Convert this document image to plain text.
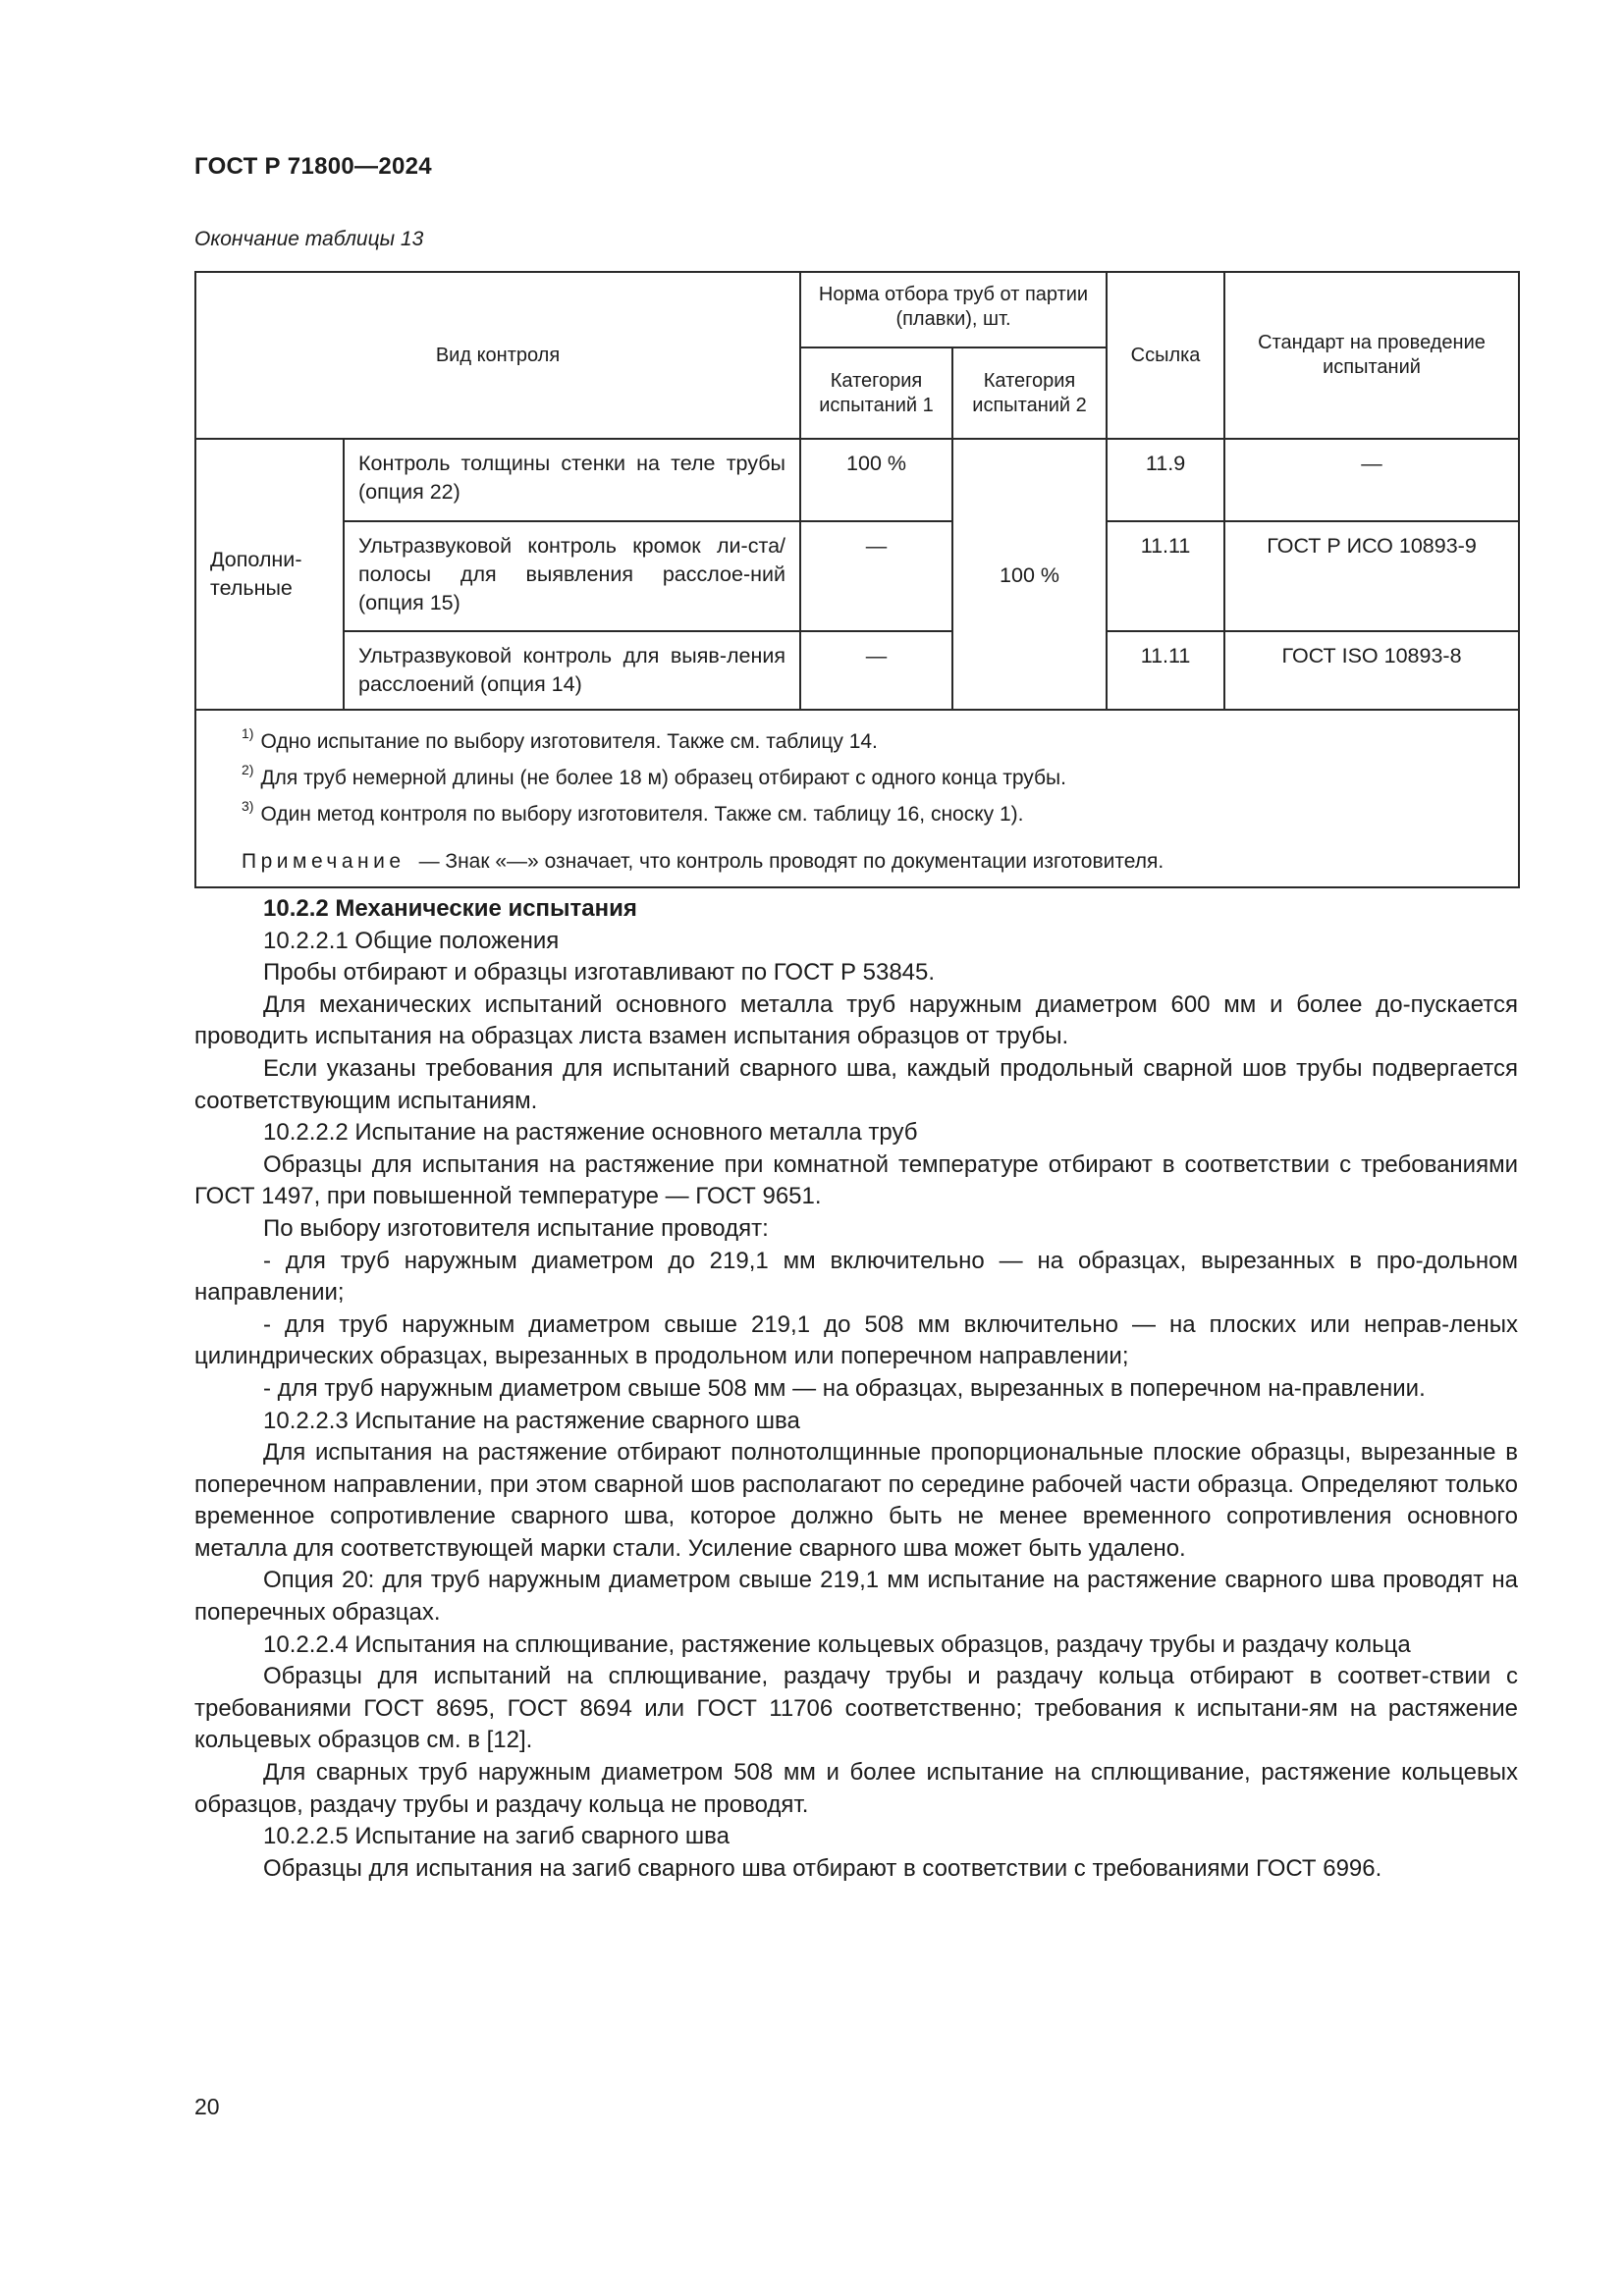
ГОСТ Р 71800—2024
Окончание таблицы 13
Вид контроля		Норма отбора труб от партии (плавки), шт.		Ссылка	Стандарт на проведение испытаний
		Категория испытаний 1	Категория испытаний 2		
Дополни-тельные	Контроль толщины стенки на теле трубы (опция 22)	100 %	100 %	11.9	—
	Ультразвуковой контроль кромок ли-ста/полосы для выявления расслое-ний (опция 15)	—		11.11	ГОСТ Р ИСО 10893-9
	Ультразвуковой контроль для выяв-ления расслоений (опция 14)	—		11.11	ГОСТ ISO 10893-8

$^{1)}$ Одно испытание по выбору изготовителя. Также см. таблицу 14.
$^{2)}$ Для труб немерной длины (не более 18 м) образец отбирают с одного конца трубы.
$^{3)}$ Один метод контроля по выбору изготовителя. Также см. таблицу 16, сноску 1).
Примечание — Знак «—» означает, что контроль проводят по документации изготовителя.					

10.2.2 Механические испытания

10.2.2.1 Общие положения

Пробы отбирают и образцы изготавливают по ГОСТ Р 53845.

Для механических испытаний основного металла труб наружным диаметром 600 мм и более до-пускается проводить испытания на образцах листа взамен испытания образцов от трубы.

Если указаны требования для испытаний сварного шва, каждый продольный сварной шов трубы подвергается соответствующим испытаниям.

10.2.2.2 Испытание на растяжение основного металла труб

Образцы для испытания на растяжение при комнатной температуре отбирают в соответствии с требованиями ГОСТ 1497, при повышенной температуре — ГОСТ 9651.

По выбору изготовителя испытание проводят:

- для труб наружным диаметром до 219,1 мм включительно — на образцах, вырезанных в про-дольном направлении;

- для труб наружным диаметром свыше 219,1 до 508 мм включительно — на плоских или неправ-леных цилиндрических образцах, вырезанных в продольном или поперечном направлении;

- для труб наружным диаметром свыше 508 мм — на образцах, вырезанных в поперечном на-правлении.

10.2.2.3 Испытание на растяжение сварного шва

Для испытания на растяжение отбирают полнотолщинные пропорциональные плоские образцы, вырезанные в поперечном направлении, при этом сварной шов располагают по середине рабочей части образца. Определяют только временное сопротивление сварного шва, которое должно быть не менее временного сопротивления основного металла для соответствующей марки стали. Усиление сварного шва может быть удалено.

Опция 20: для труб наружным диаметром свыше 219,1 мм испытание на растяжение сварного шва проводят на поперечных образцах.

10.2.2.4 Испытания на сплющивание, растяжение кольцевых образцов, раздачу трубы и раздачу кольца

Образцы для испытаний на сплющивание, раздачу трубы и раздачу кольца отбирают в соответ-ствии с требованиями ГОСТ 8695, ГОСТ 8694 или ГОСТ 11706 соответственно; требования к испытани-ям на растяжение кольцевых образцов см. в [12].

Для сварных труб наружным диаметром 508 мм и более испытание на сплющивание, растяжение кольцевых образцов, раздачу трубы и раздачу кольца не проводят.

10.2.2.5 Испытание на загиб сварного шва

Образцы для испытания на загиб сварного шва отбирают в соответствии с требованиями ГОСТ 6996.

20
